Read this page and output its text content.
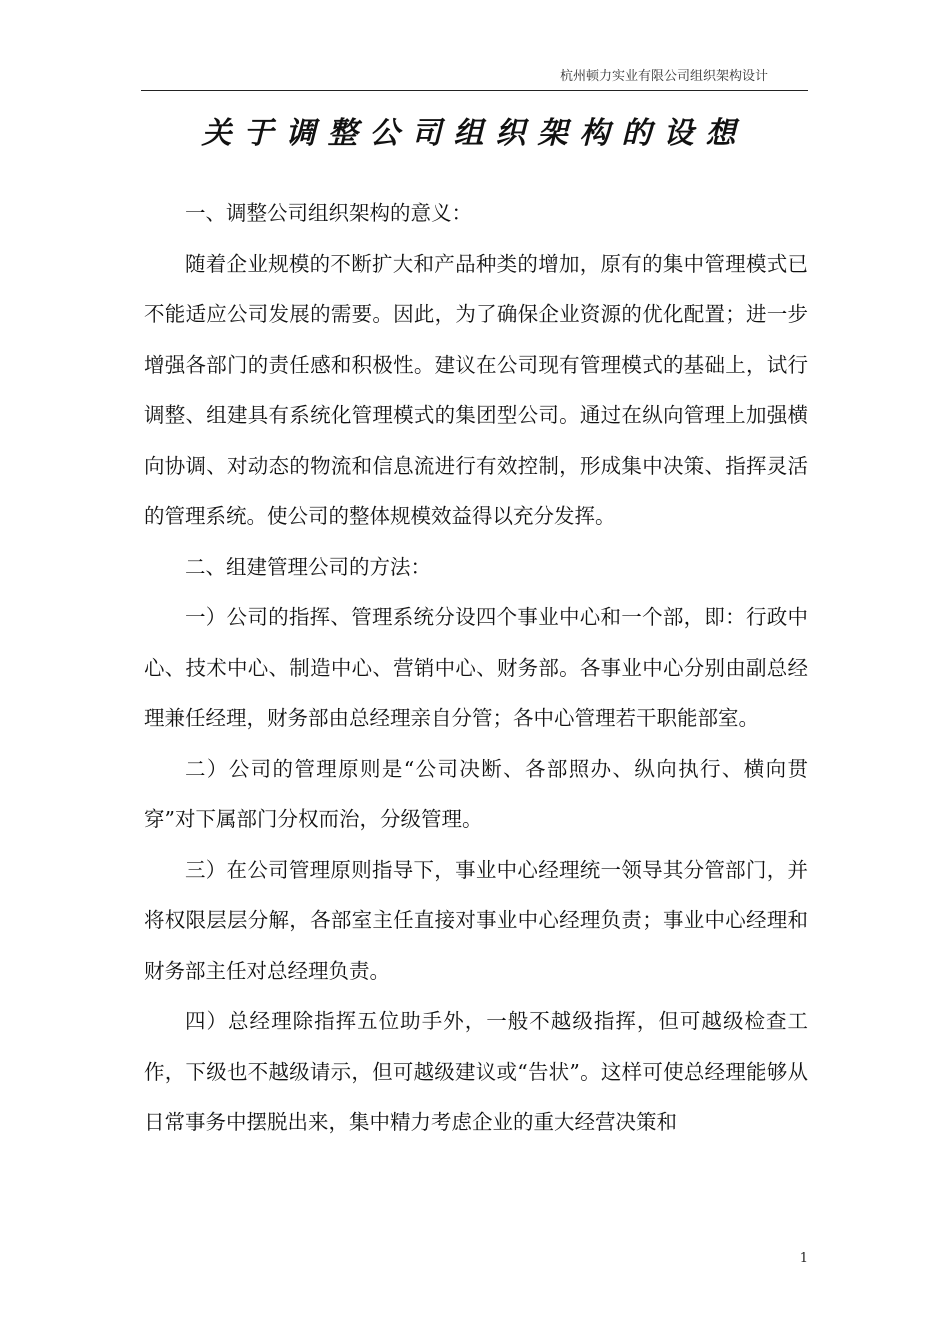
杭州顿力实业有限公司组织架构设计
关于调整公司组织架构的设想

一、调整公司组织架构的意义：

随着企业规模的不断扩大和产品种类的增加，原有的集中管理模式已不能适应公司发展的需要。因此，为了确保企业资源的优化配置；进一步增强各部门的责任感和积极性。建议在公司现有管理模式的基础上，试行调整、组建具有系统化管理模式的集团型公司。通过在纵向管理上加强横向协调、对动态的物流和信息流进行有效控制，形成集中决策、指挥灵活的管理系统。使公司的整体规模效益得以充分发挥。

二、组建管理公司的方法：

一）公司的指挥、管理系统分设四个事业中心和一个部，即：行政中心、技术中心、制造中心、营销中心、财务部。各事业中心分别由副总经理兼任经理，财务部由总经理亲自分管；各中心管理若干职能部室。

二）公司的管理原则是“公司决断、各部照办、纵向执行、横向贯穿”对下属部门分权而治，分级管理。

三）在公司管理原则指导下，事业中心经理统一领导其分管部门，并将权限层层分解，各部室主任直接对事业中心经理负责；事业中心经理和财务部主任对总经理负责。

四）总经理除指挥五位助手外，一般不越级指挥，但可越级检查工作，下级也不越级请示，但可越级建议或“告状”。这样可使总经理能够从日常事务中摆脱出来，集中精力考虑企业的重大经营决策和

1
